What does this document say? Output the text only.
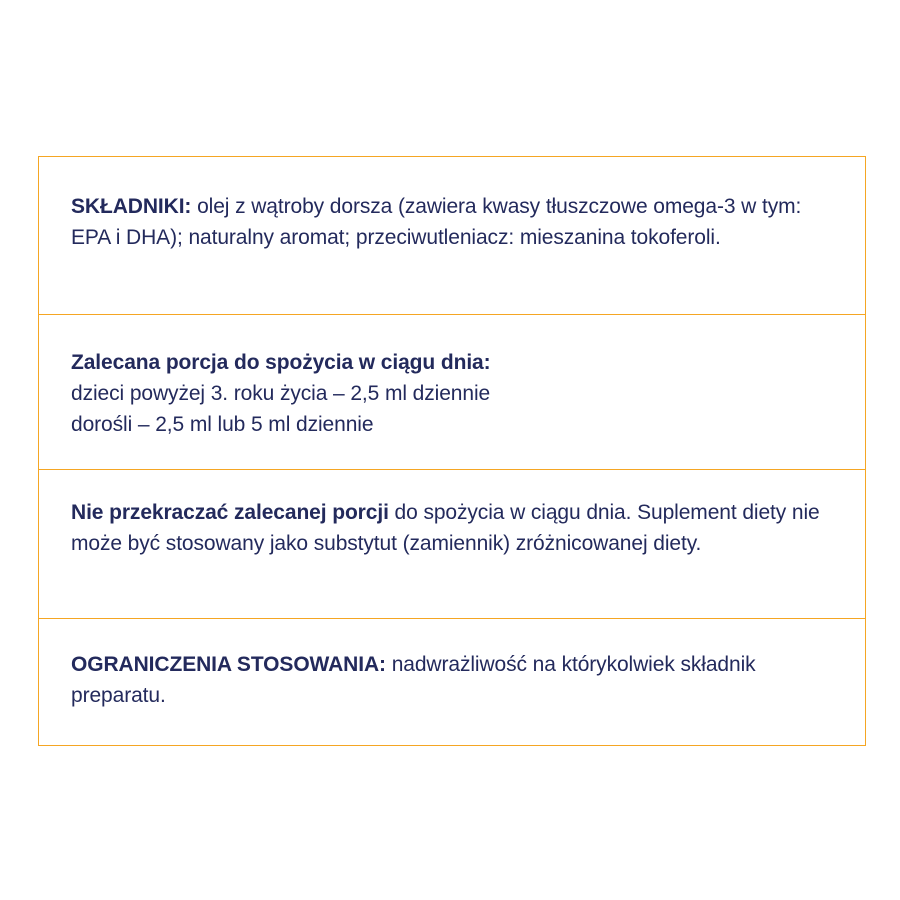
SKŁADNIKI: olej z wątroby dorsza (zawiera kwasy tłuszczowe omega-3 w tym: EPA i DHA); naturalny aromat; przeciwutleniacz: mieszanina tokoferoli.

Zalecana porcja do spożycia w ciągu dnia:
dzieci powyżej 3. roku życia – 2,5 ml dziennie
dorośli – 2,5 ml lub 5 ml dziennie

Nie przekraczać zalecanej porcji do spożycia w ciągu dnia. Suplement diety nie może być stosowany jako substytut (zamiennik) zróżnicowanej diety.

OGRANICZENIA STOSOWANIA: nadwrażliwość na którykolwiek składnik preparatu.
